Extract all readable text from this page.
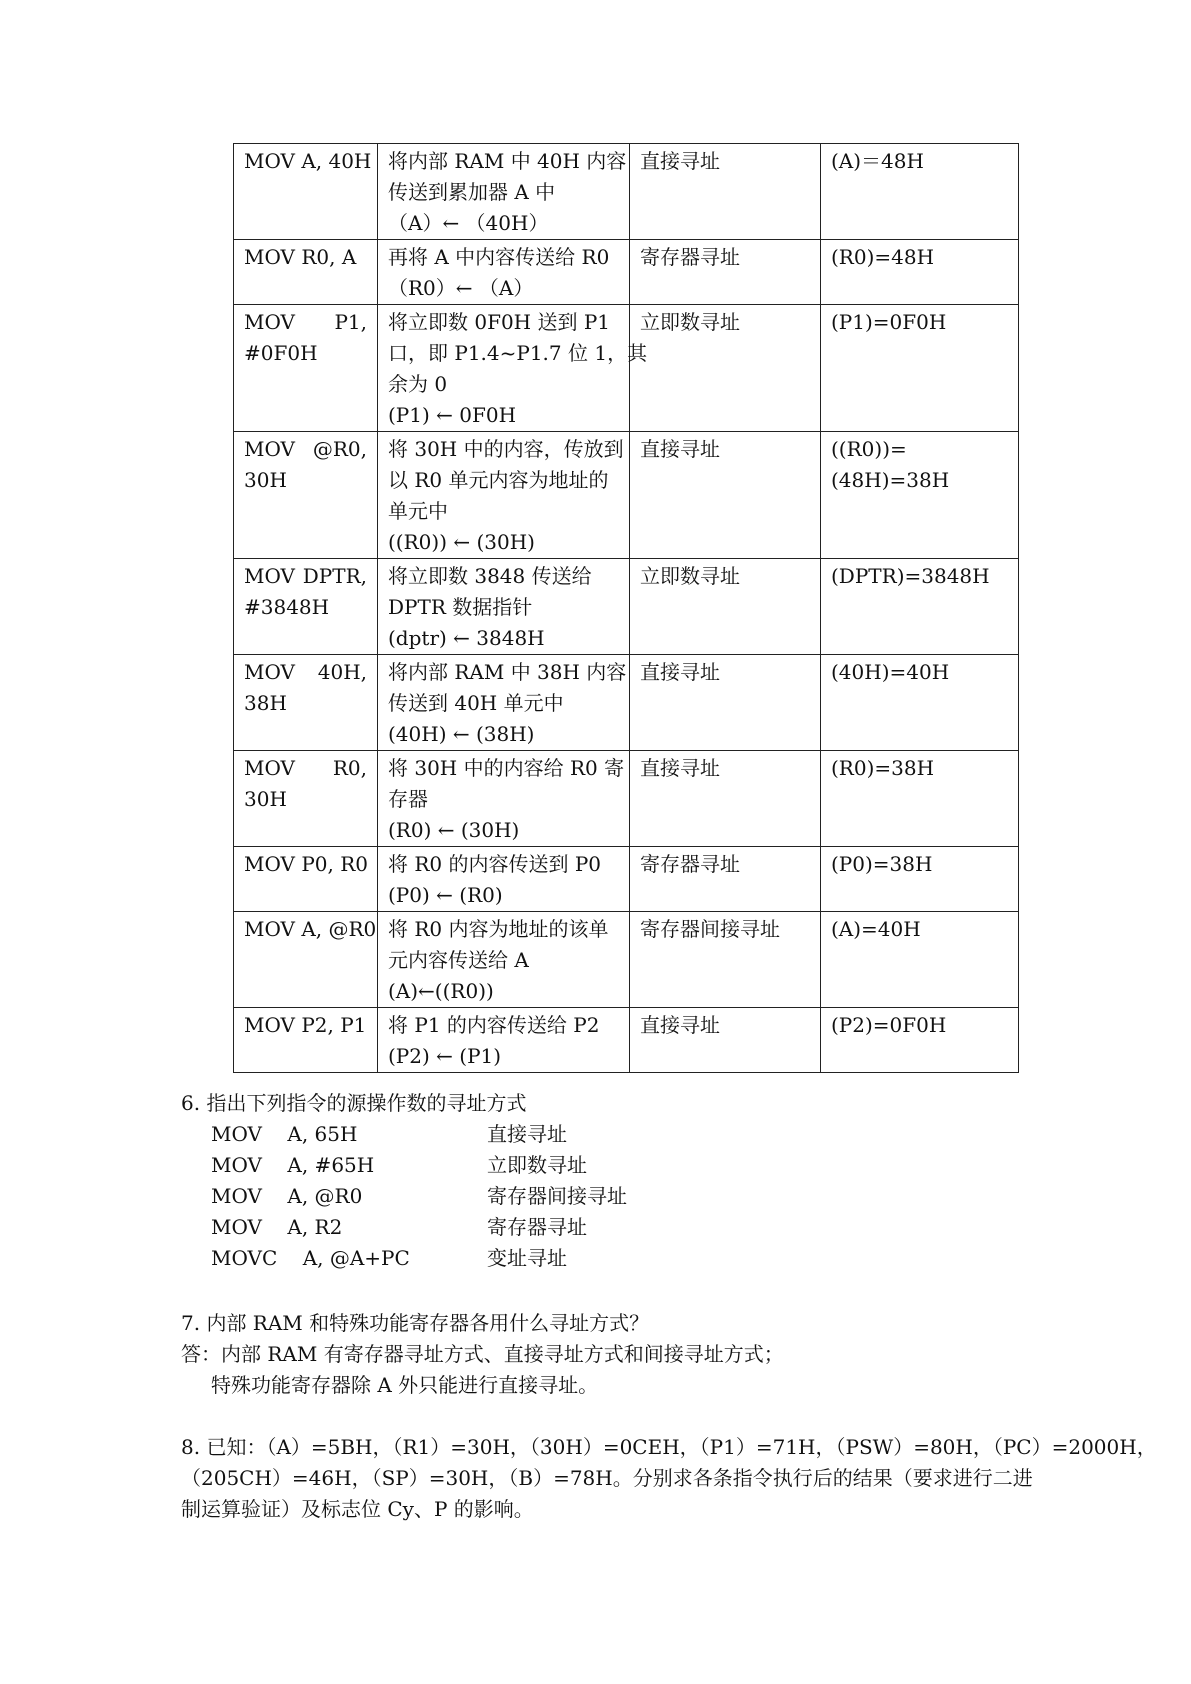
MOV A, 40H	将内部 RAM 中 40H 内容
传送到累加器 A 中
（A）← （40H）	直接寻址	(A)＝48H

MOV R0, A	再将 A 中内容传送给 R0
（R0）← （A）	寄存器寻址	(R0)=48H

MOV P1,
#0F0H	将立即数 0F0H 送到 P1
口，即 P1.4~P1.7 位 1，其
余为 0
(P1) ← 0F0H	立即数寻址	(P1)=0F0H

MOV @R0,
30H	将 30H 中的内容，传放到
以 R0 单元内容为地址的
单元中
((R0)) ← (30H)	直接寻址	((R0))=(48H)=38H

MOV DPTR,
#3848H	将立即数 3848 传送给
DPTR 数据指针
(dptr) ← 3848H	立即数寻址	(DPTR)=3848H

MOV 40H,
38H	将内部 RAM 中 38H 内容
传送到 40H 单元中
(40H) ← (38H)	直接寻址	(40H)=40H

MOV R0,
30H	将 30H 中的内容给 R0 寄
存器
(R0) ← (30H)	直接寻址	(R0)=38H

MOV P0, R0	将 R0 的内容传送到 P0
(P0) ← (R0)	寄存器寻址	(P0)=38H

MOV A, @R0	将 R0 内容为地址的该单
元内容传送给 A
(A)←((R0))	寄存器间接寻址	(A)=40H

MOV P2, P1	将 P1 的内容传送给 P2
(P2) ← (P1)	直接寻址	(P2)=0F0H
6. 指出下列指令的源操作数的寻址方式
MOV    A, 65H	直接寻址
MOV    A, #65H	立即数寻址
MOV    A, @R0	寄存器间接寻址
MOV    A, R2	寄存器寻址
MOVC    A, @A+PC	变址寻址
7. 内部 RAM 和特殊功能寄存器各用什么寻址方式？
答：内部 RAM 有寄存器寻址方式、直接寻址方式和间接寻址方式；
特殊功能寄存器除 A 外只能进行直接寻址。
8. 已知：（A）=5BH，（R1）=30H，（30H）=0CEH，（P1）=71H，（PSW）=80H，（PC）=2000H，
（205CH）=46H，（SP）=30H，（B）=78H。分别求各条指令执行后的结果（要求进行二进
制运算验证）及标志位 Cy、P 的影响。
